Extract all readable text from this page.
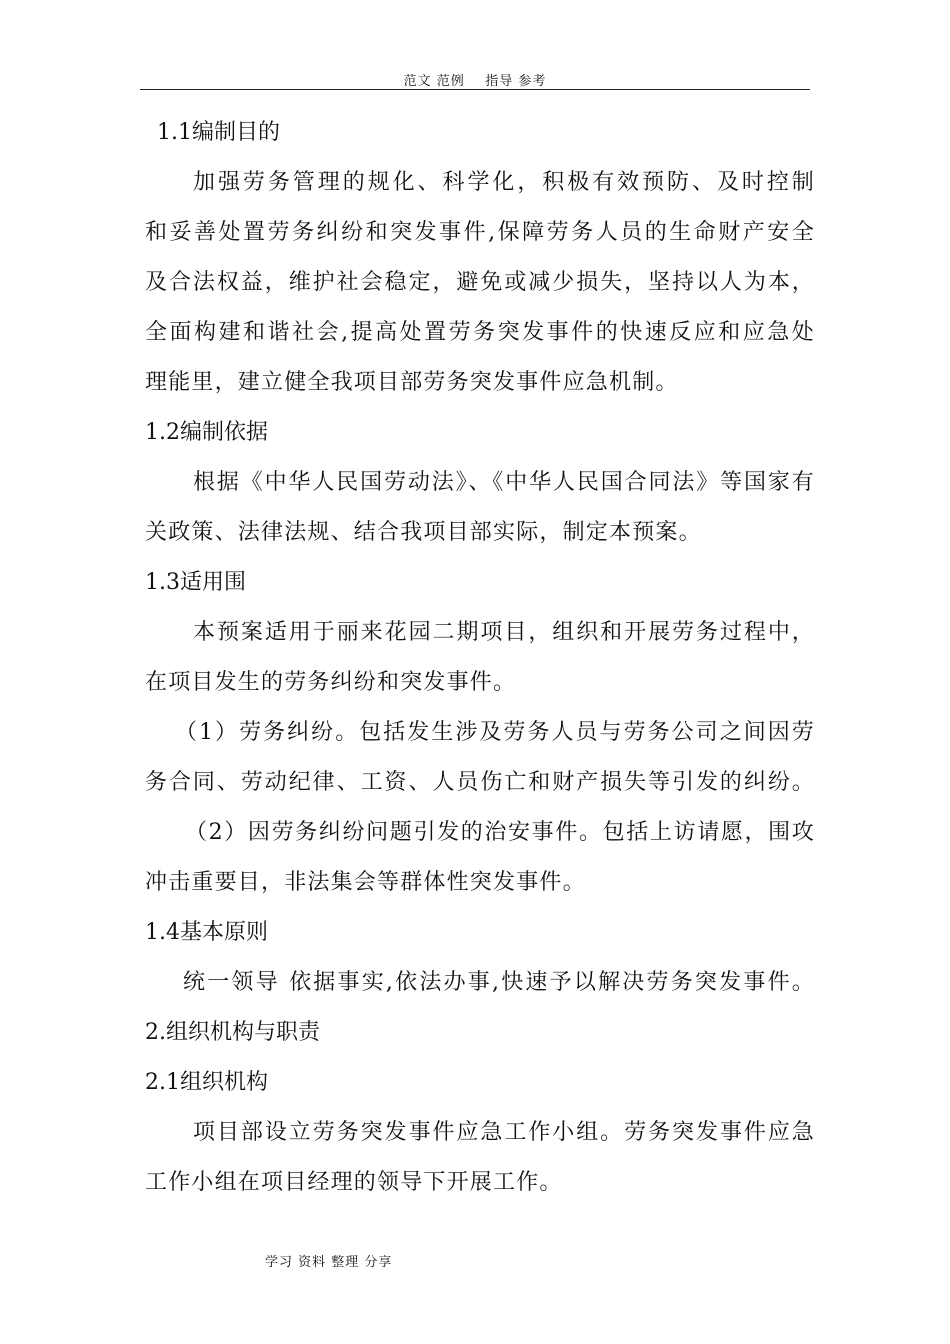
范文 范例    指导 参考
1.1编制目的
加强劳务管理的规化、科学化，积极有效预防、及时控制
和妥善处置劳务纠纷和突发事件,保障劳务人员的生命财产安全
及合法权益，维护社会稳定，避免或减少损失，坚持以人为本，
全面构建和谐社会,提高处置劳务突发事件的快速反应和应急处
理能里，建立健全我项目部劳务突发事件应急机制。
1.2编制依据
根据《中华人民国劳动法》、《中华人民国合同法》等国家有
关政策、法律法规、结合我项目部实际，制定本预案。
1.3适用围
本预案适用于丽来花园二期项目，组织和开展劳务过程中，
在项目发生的劳务纠纷和突发事件。
（1）劳务纠纷。包括发生涉及劳务人员与劳务公司之间因劳
务合同、劳动纪律、工资、人员伤亡和财产损失等引发的纠纷。
（2）因劳务纠纷问题引发的治安事件。包括上访请愿，围攻
冲击重要目，非法集会等群体性突发事件。
1.4基本原则
统一领导 依据事实,依法办事,快速予以解决劳务突发事件。
2.组织机构与职责
2.1组织机构
项目部设立劳务突发事件应急工作小组。劳务突发事件应急
工作小组在项目经理的领导下开展工作。
学习 资料 整理 分享
